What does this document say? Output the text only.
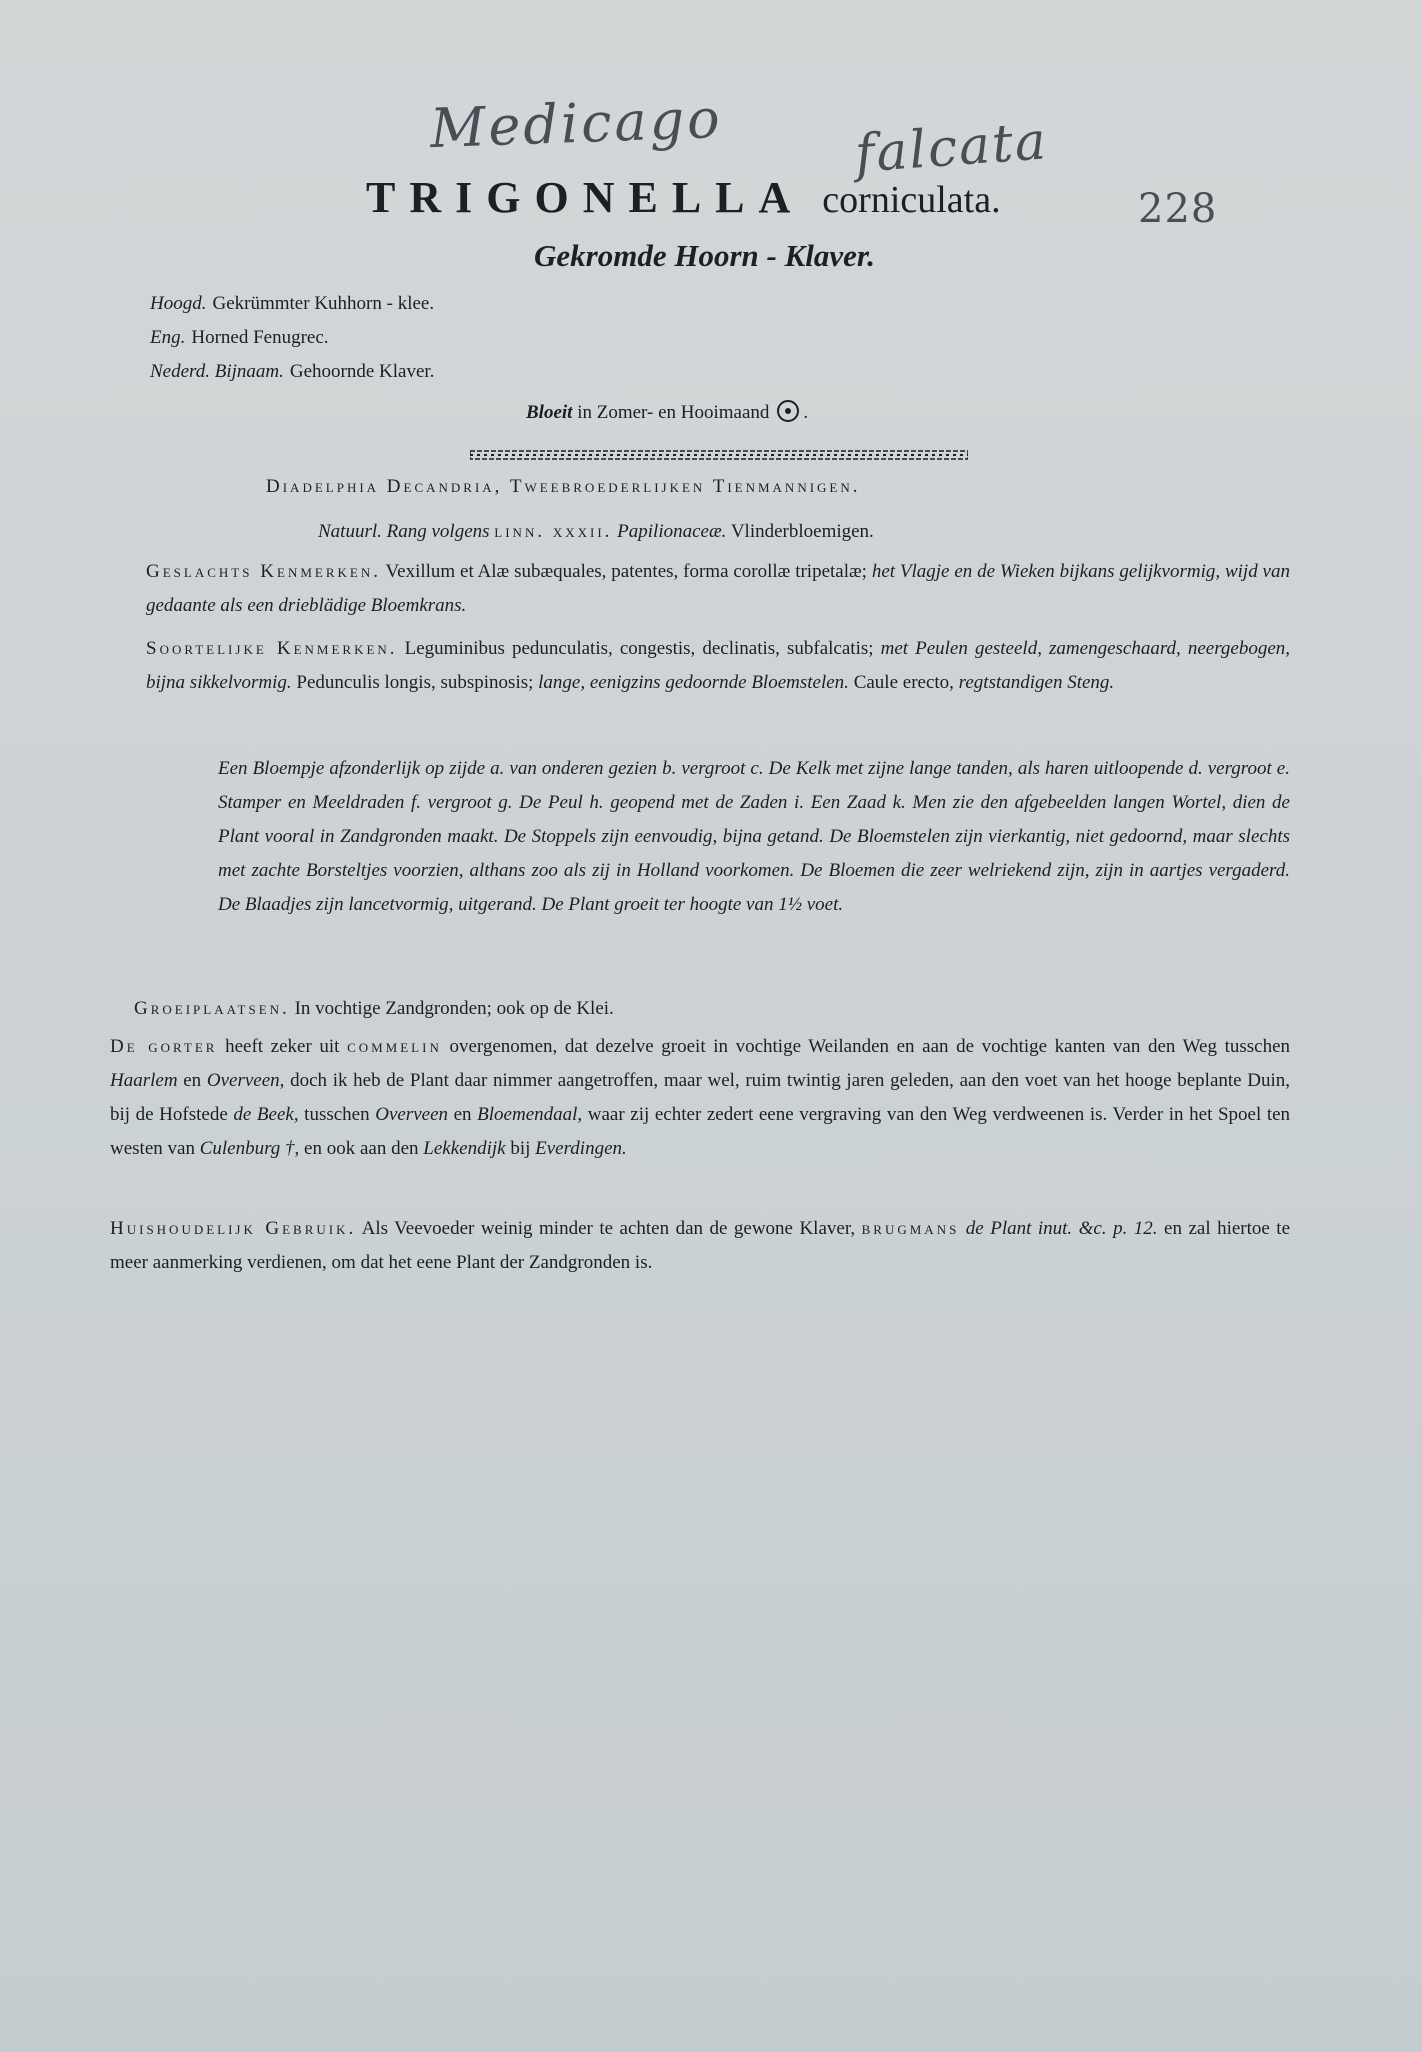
Medicago falcata
228
TRIGONELLA corniculata.
Gekromde Hoorn - Klaver.
Hoogd. Gekrümmter Kuhhorn - klee.
Eng. Horned Fenugrec.
Nederd. Bijnaam. Gehoornde Klaver.
Bloeit in Zomer- en Hooimaand .
Diadelphia Decandria, Tweebroederlijken Tienmannigen.
Natuurl. Rang volgens linn. xxxii. Papilionaceæ. Vlinderbloemigen.

Geslachts Kenmerken. Vexillum et Alæ subæquales, patentes, forma corollæ tripetalæ; het Vlagje en de Wieken bijkans gelijkvormig, wijd van gedaante als een drieblädige Bloemkrans.

Soortelijke Kenmerken. Leguminibus pedunculatis, congestis, declinatis, subfalcatis; met Peulen gesteeld, zamengeschaard, neergebogen, bijna sikkelvormig. Pedunculis longis, subspinosis; lange, eenigzins gedoornde Bloemstelen. Caule erecto, regtstandigen Steng.

Een Bloempje afzonderlijk op zijde a. van onderen gezien b. vergroot c. De Kelk met zijne lange tanden, als haren uitloopende d. vergroot e. Stamper en Meeldraden f. vergroot g. De Peul h. geopend met de Zaden i. Een Zaad k. Men zie den afgebeelden langen Wortel, dien de Plant vooral in Zandgronden maakt. De Stoppels zijn eenvoudig, bijna getand. De Bloemstelen zijn vierkantig, niet gedoornd, maar slechts met zachte Borsteltjes voorzien, althans zoo als zij in Holland voorkomen. De Bloemen die zeer welriekend zijn, zijn in aartjes vergaderd. De Blaadjes zijn lancetvormig, uitgerand. De Plant groeit ter hoogte van 1½ voet.

Groeiplaatsen. In vochtige Zandgronden; ook op de Klei.

De gorter heeft zeker uit commelin overgenomen, dat dezelve groeit in vochtige Weilanden en aan de vochtige kanten van den Weg tusschen Haarlem en Overveen, doch ik heb de Plant daar nimmer aangetroffen, maar wel, ruim twintig jaren geleden, aan den voet van het hooge beplante Duin, bij de Hofstede de Beek, tusschen Overveen en Bloemendaal, waar zij echter zedert eene vergraving van den Weg verdweenen is. Verder in het Spoel ten westen van Culenburg †, en ook aan den Lekkendijk bij Everdingen.

Huishoudelijk Gebruik. Als Veevoeder weinig minder te achten dan de gewone Klaver, brugmans de Plant inut. &c. p. 12. en zal hiertoe te meer aanmerking verdienen, om dat het eene Plant der Zandgronden is.
